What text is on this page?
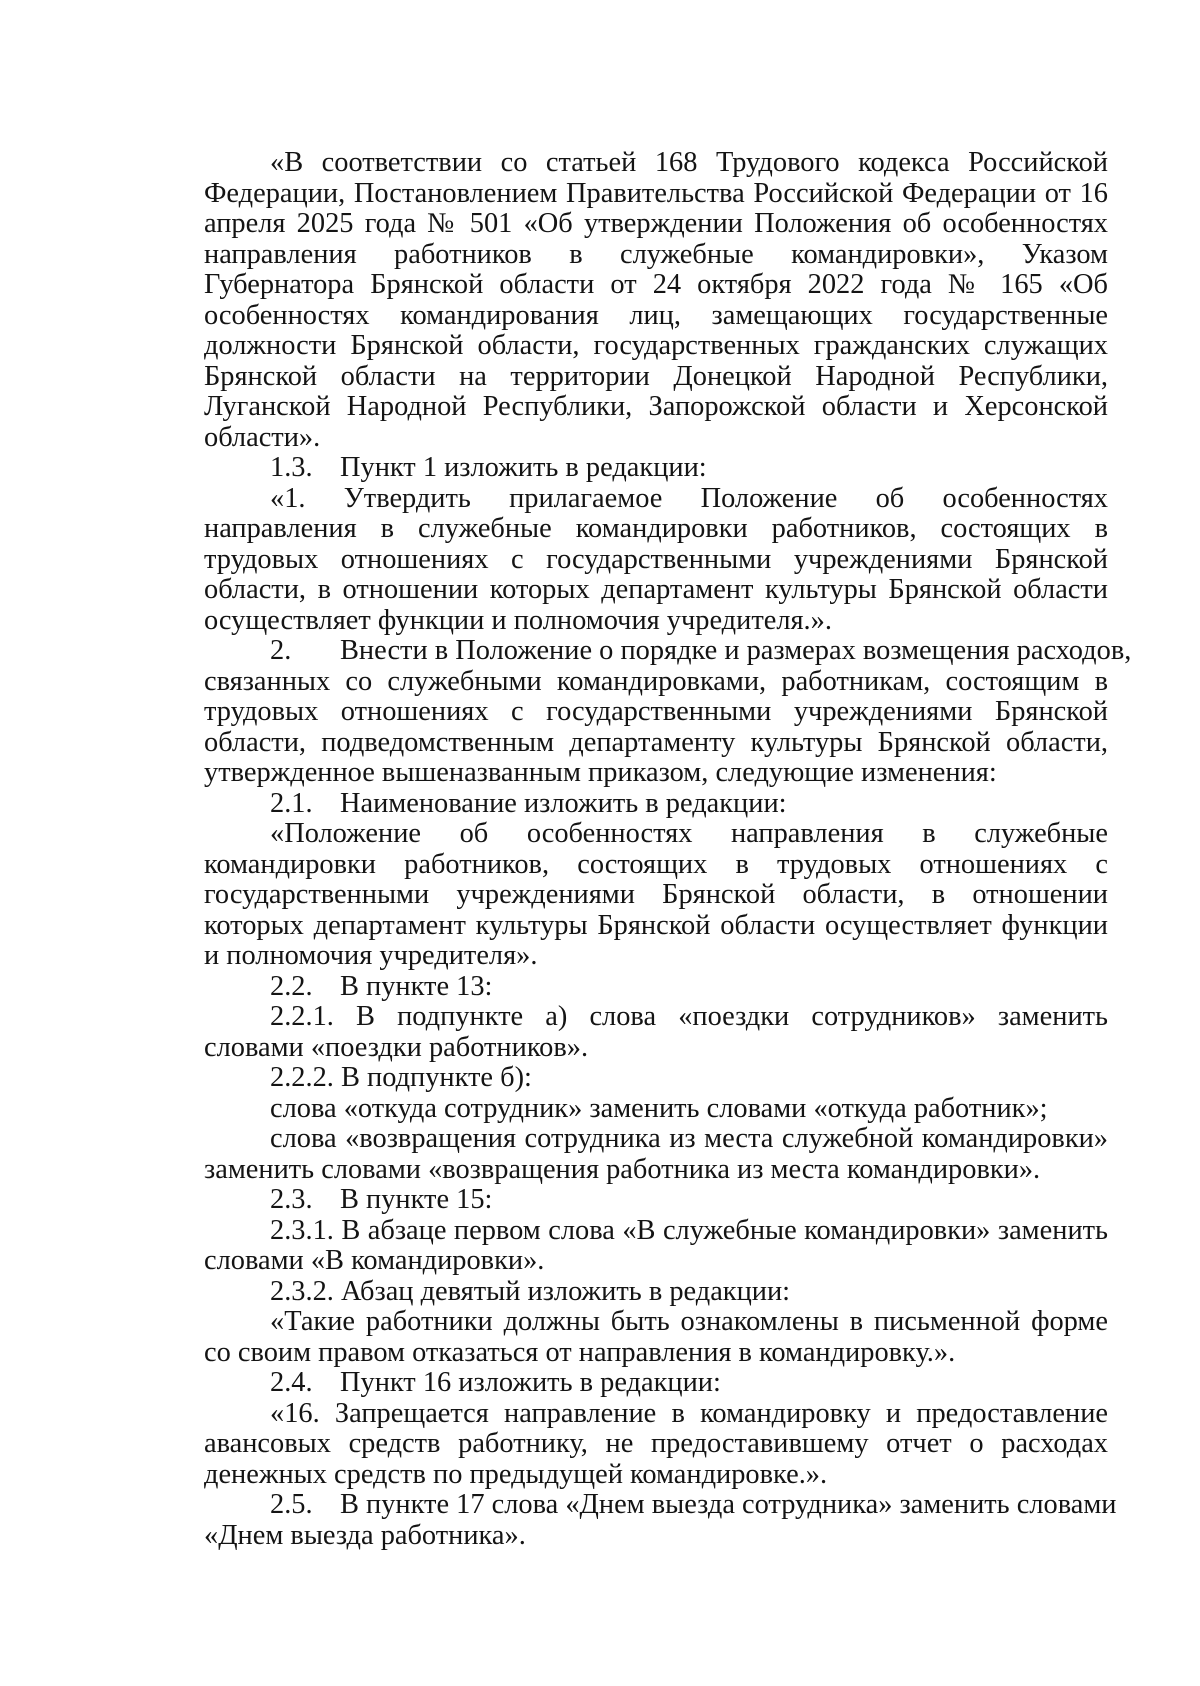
«В соответствии со статьей 168 Трудового кодекса Российской Федерации, Постановлением Правительства Российской Федерации от 16 апреля 2025 года № 501 «Об утверждении Положения об особенностях направления работников в служебные командировки», Указом Губернатора Брянской области от 24 октября 2022 года № 165 «Об особенностях командирования лиц, замещающих государственные должности Брянской области, государственных гражданских служащих Брянской области на территории Донецкой Народной Республики, Луганской Народной Республики, Запорожской области и Херсонской области».

1.3. Пункт 1 изложить в редакции:

«1. Утвердить прилагаемое Положение об особенностях направления в служебные командировки работников, состоящих в трудовых отношениях с государственными учреждениями Брянской области, в отношении которых департамент культуры Брянской области осуществляет функции и полномочия учредителя.».

2. Внести в Положение о порядке и размерах возмещения расходов,

связанных со служебными командировками, работникам, состоящим в трудовых отношениях с государственными учреждениями Брянской области, подведомственным департаменту культуры Брянской области, утвержденное вышеназванным приказом, следующие изменения:

2.1. Наименование изложить в редакции:

«Положение об особенностях направления в служебные командировки работников, состоящих в трудовых отношениях с государственными учреждениями Брянской области, в отношении которых департамент культуры Брянской области осуществляет функции и полномочия учредителя».

2.2. В пункте 13:

2.2.1. В подпункте а) слова «поездки сотрудников» заменить словами «поездки работников».

2.2.2. В подпункте б):

слова «откуда сотрудник» заменить словами «откуда работник»;

слова «возвращения сотрудника из места служебной командировки» заменить словами «возвращения работника из места командировки».

2.3. В пункте 15:

2.3.1. В абзаце первом слова «В служебные командировки» заменить словами «В командировки».

2.3.2. Абзац девятый изложить в редакции:

«Такие работники должны быть ознакомлены в письменной форме со своим правом отказаться от направления в командировку.».

2.4. Пункт 16 изложить в редакции:

«16. Запрещается направление в командировку и предоставление авансовых средств работнику, не предоставившему отчет о расходах денежных средств по предыдущей командировке.».

2.5. В пункте 17 слова «Днем выезда сотрудника» заменить словами

«Днем выезда работника».
